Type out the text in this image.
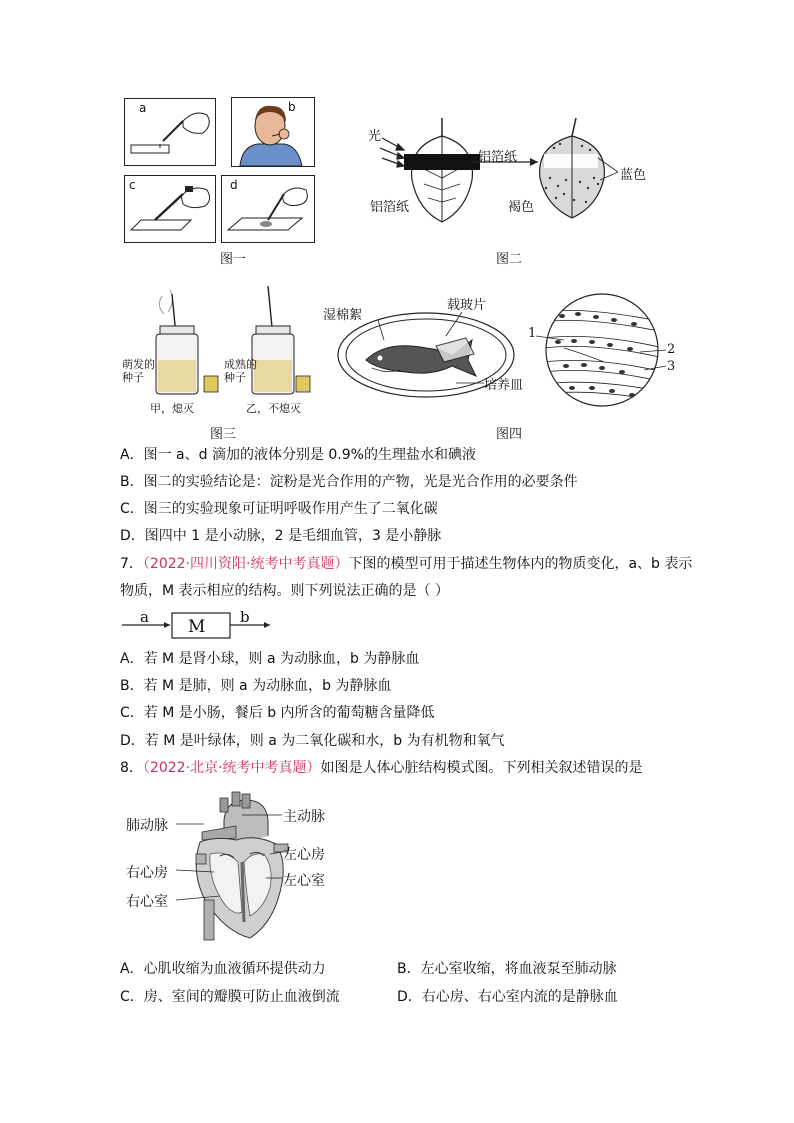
a	b
c	d
图一
光
铝箔纸
铝箔纸	褐色
蓝色
图二
萌发的
种子
成熟的
种子
甲，熄灭	乙，不熄灭
图三
湿棉絮
载玻片
培养皿
1
2
3
图四
A．图一 a、d 滴加的液体分别是 0.9%的生理盐水和碘液
B．图二的实验结论是：淀粉是光合作用的产物，光是光合作用的必要条件
C．图三的实验现象可证明呼吸作用产生了二氧化碳
D．图四中 1 是小动脉，2 是毛细血管，3 是小静脉
7．（2022·四川资阳·统考中考真题）下图的模型可用于描述生物体内的物质变化，a、b 表示
物质，M 表示相应的结构。则下列说法正确的是（ ）
a M b
A．若 M 是肾小球，则 a 为动脉血，b 为静脉血
B．若 M 是肺，则 a 为动脉血，b 为静脉血
C．若 M 是小肠，餐后 b 内所含的葡萄糖含量降低
D．若 M 是叶绿体，则 a 为二氧化碳和水，b 为有机物和氧气
8．（2022·北京·统考中考真题）如图是人体心脏结构模式图。下列相关叙述错误的是
肺动脉
主动脉
左心房
右心房	左心室
右心室
A．心肌收缩为血液循环提供动力	B．左心室收缩，将血液泵至肺动脉
C．房、室间的瓣膜可防止血液倒流	D．右心房、右心室内流的是静脉血
